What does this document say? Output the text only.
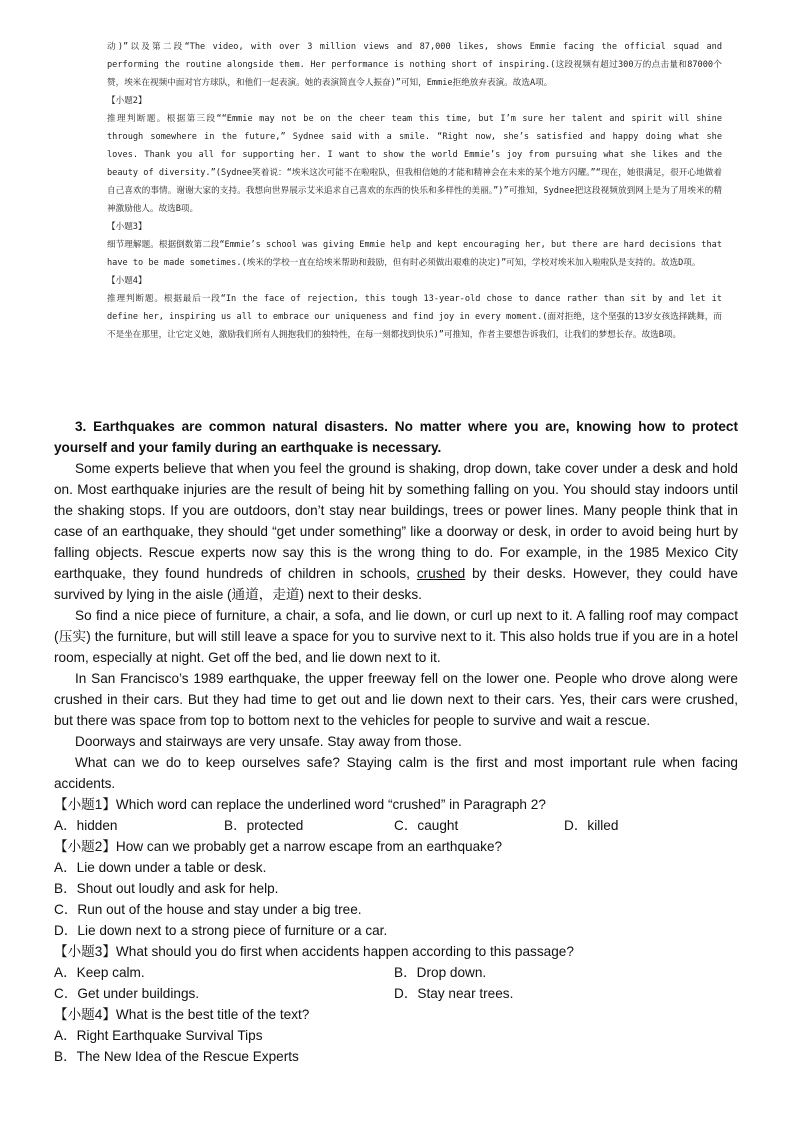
动)”以及第二段“The video, with over 3 million views and 87,000 likes, shows Emmie facing the official squad and performing the routine alongside them. Her performance is nothing short of inspiring.(这段视频有超过300万的点击量和87000个赞，埃米在视频中面对官方球队，和他们一起表演。她的表演简直令人振奋)”可知，Emmie拒绝放弃表演。故选A项。

【小题2】

推理判断题。根据第三段““Emmie may not be on the cheer team this time, but I’m sure her talent and spirit will shine through somewhere in the future,” Sydnee said with a smile. “Right now, she’s satisfied and happy doing what she loves. Thank you all for supporting her. I want to show the world Emmie’s joy from pursuing what she likes and the beauty of diversity.”(Sydnee笑着说：“埃米这次可能不在啦啦队，但我相信她的才能和精神会在未来的某个地方闪耀。”“现在，她很满足，很开心地做着自己喜欢的事情。谢谢大家的支持。我想向世界展示艾米追求自己喜欢的东西的快乐和多样性的美丽。”)”可推知，Sydnee把这段视频放到网上是为了用埃米的精神激励他人。故选B项。

【小题3】

细节理解题。根据倒数第二段“Emmie’s school was giving Emmie help and kept encouraging her, but there are hard decisions that have to be made sometimes.(埃米的学校一直在给埃米帮助和鼓励，但有时必须做出艰难的决定)”可知，学校对埃米加入啦啦队是支持的。故选D项。

【小题4】

推理判断题。根据最后一段“In the face of rejection, this tough 13-year-old chose to dance rather than sit by and let it define her, inspiring us all to embrace our uniqueness and find joy in every moment.(面对拒绝，这个坚强的13岁女孩选择跳舞，而不是坐在那里，让它定义她，激励我们所有人拥抱我们的独特性，在每一刻都找到快乐)”可推知，作者主要想告诉我们，让我们的梦想长存。故选B项。

3. Earthquakes are common natural disasters. No matter where you are, knowing how to protect yourself and your family during an earthquake is necessary.

Some experts believe that when you feel the ground is shaking, drop down, take cover under a desk and hold on. Most earthquake injuries are the result of being hit by something falling on you. You should stay indoors until the shaking stops. If you are outdoors, don’t stay near buildings, trees or power lines. Many people think that in case of an earthquake, they should “get under something” like a doorway or desk, in order to avoid being hurt by falling objects. Rescue experts now say this is the wrong thing to do. For example, in the 1985 Mexico City earthquake, they found hundreds of children in schools, crushed by their desks. However, they could have survived by lying in the aisle (通道，走道) next to their desks.

So find a nice piece of furniture, a chair, a sofa, and lie down, or curl up next to it. A falling roof may compact (压实) the furniture, but will still leave a space for you to survive next to it. This also holds true if you are in a hotel room, especially at night. Get off the bed, and lie down next to it.

In San Francisco’s 1989 earthquake, the upper freeway fell on the lower one. People who drove along were crushed in their cars. But they had time to get out and lie down next to their cars. Yes, their cars were crushed, but there was space from top to bottom next to the vehicles for people to survive and wait a rescue.

Doorways and stairways are very unsafe. Stay away from those.

What can we do to keep ourselves safe? Staying calm is the first and most important rule when facing accidents.

【小题1】Which word can replace the underlined word “crushed” in Paragraph 2?

A．hidden	B．protected	C．caught	D．killed

【小题2】How can we probably get a narrow escape from an earthquake?

A．Lie down under a table or desk.

B．Shout out loudly and ask for help.

C．Run out of the house and stay under a big tree.

D．Lie down next to a strong piece of furniture or a car.

【小题3】What should you do first when accidents happen according to this passage?

A．Keep calm.	B．Drop down.
C．Get under buildings.	D．Stay near trees.

【小题4】What is the best title of the text?

A．Right Earthquake Survival Tips

B．The New Idea of the Rescue Experts
